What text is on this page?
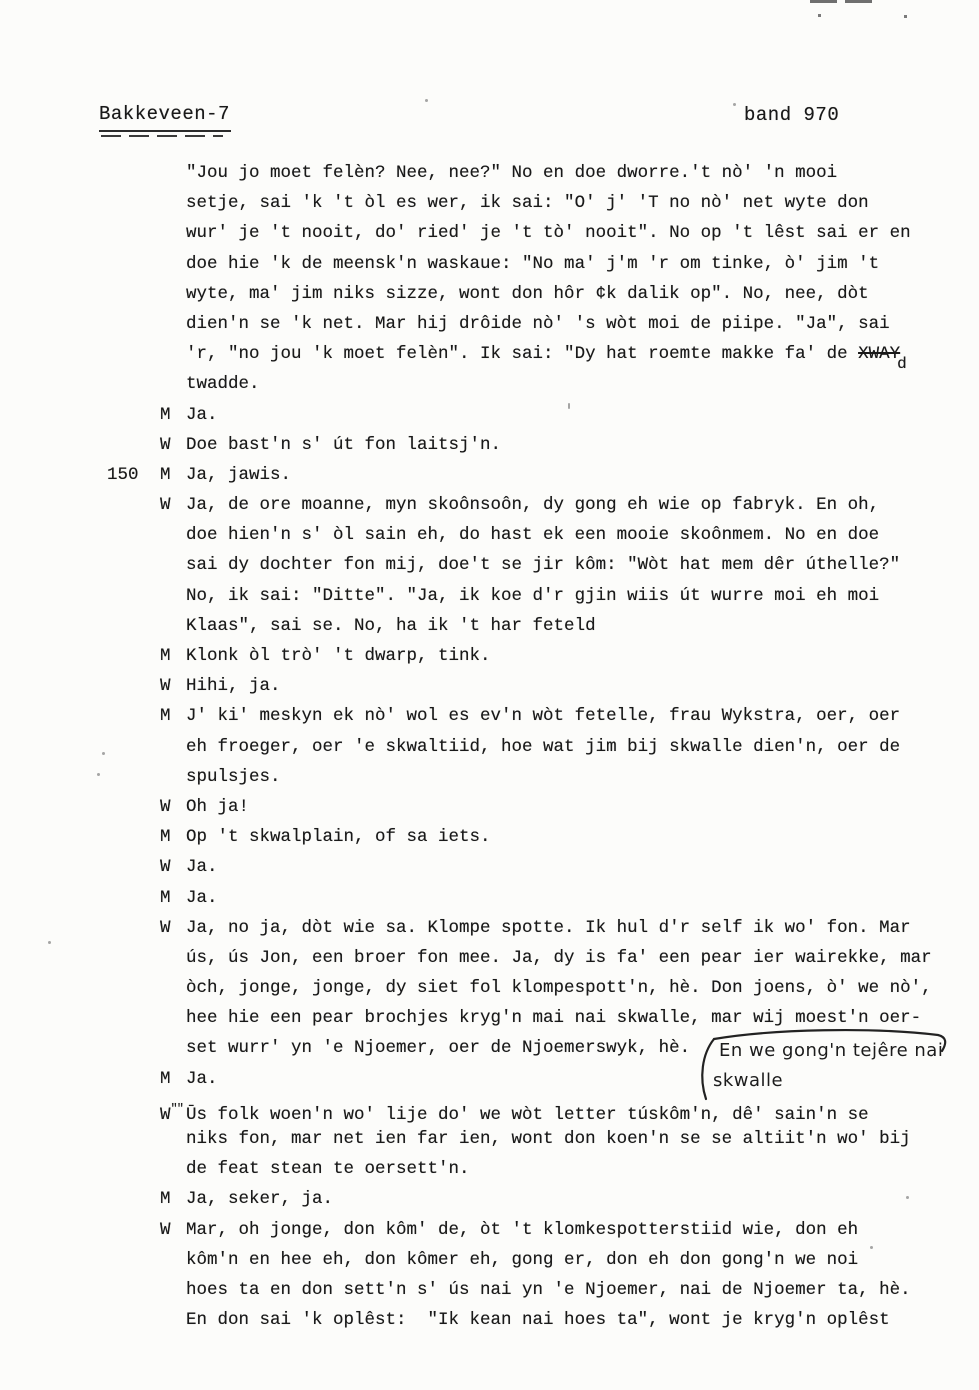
Bakkeveen-7	band 970
"Jou jo moet felèn? Nee, nee?" No en doe dworre.'t nò' 'n mooi
setje, sai 'k 't òl es wer, ik sai: "O' j' 'T no nò' net wyte don
wur' je 't nooit, do' ried' je 't tò' nooit". No op 't lêst sai er en
doe hie 'k de meensk'n waskaue: "No ma' j'm 'r om tinke, ò' jim 't
wyte, ma' jim niks sizze, wont don hôr ¢k dalik op". No, nee, dòt
dien'n se 'k net. Mar hij drôide nò' 's wòt moi de piipe. "Ja", sai
'r, "no jou 'k moet felèn". Ik sai: "Dy hat roemte makke fa' de XWAYd
twadde.
M Ja.
W Doe bast'n s' út fon laitsj'n.
150 M Ja, jawis.
W Ja, de ore moanne, myn skoônsoôn, dy gong eh wie op fabryk. En oh,
doe hien'n s' òl sain eh, do hast ek een mooie skoônmem. No en doe
sai dy dochter fon mij, doe't se jir kôm: "Wòt hat mem dêr úthelle?"
No, ik sai: "Ditte". "Ja, ik koe d'r gjin wiis út wurre moi eh moi
Klaas", sai se. No, ha ik 't har feteld
M Klonk òl trò' 't dwarp, tink.
W Hihi, ja.
M J' ki' meskyn ek nò' wol es ev'n wòt fetelle, frau Wykstra, oer, oer
eh froeger, oer 'e skwaltiid, hoe wat jim bij skwalle dien'n, oer de
spulsjes.
W Oh ja!
M Op 't skwalplain, of sa iets.
W Ja.
M Ja.
W Ja, no ja, dòt wie sa. Klompe spotte. Ik hul d'r self ik wo' fon. Mar
ús, ús Jon, een broer fon mee. Ja, dy is fa' een pear ier wairekke, mar
òch, jonge, jonge, dy siet fol klompespott'n, hè. Don joens, ò' we nò',
hee hie een pear brochjes kryg'n mai nai skwalle, mar wij moest'n oer-
set wurr' yn 'e Njoemer, oer de Njoemerswyk, hè.
M Ja.
W"" Ūs folk woen'n wo' lije do' we wòt letter túskôm'n, dê' sain'n se
niks fon, mar net ien far ien, wont don koen'n se se altiit'n wo' bij
de feat stean te oersett'n.
M Ja, seker, ja.
W Mar, oh jonge, don kôm' de, òt 't klomkespotterstiid wie, don eh
kôm'n en hee eh, don kômer eh, gong er, don eh don gong'n we noi
hoes ta en don sett'n s' ús nai yn 'e Njoemer, nai de Njoemer ta, hè.
En don sai 'k oplêst:  "Ik kean nai hoes ta", wont je kryg'n oplêst
En we gong'n tejêre nai
skwalle
